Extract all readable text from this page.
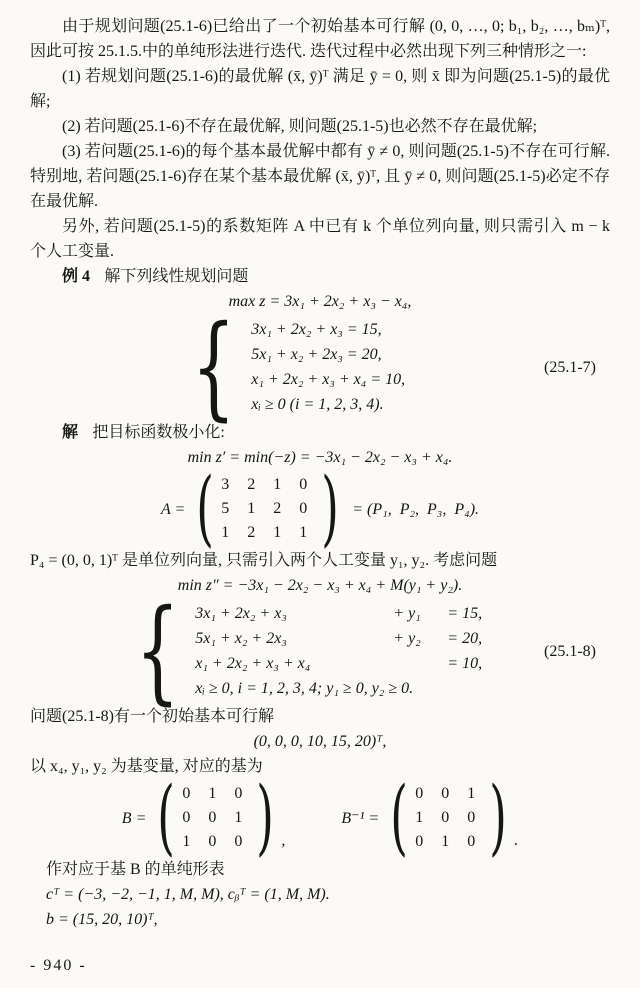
由于规划问题(25.1-6)已给出了一个初始基本可行解 (0, 0, …, 0; b₁, b₂, …, bₘ)ᵀ, 因此可按 25.1.5.中的单纯形法进行迭代. 迭代过程中必然出现下列三种情形之一:

(1) 若规划问题(25.1-6)的最优解 (x̄, ȳ)ᵀ 满足 ȳ = 0, 则 x̄ 即为问题(25.1-5)的最优解;

(2) 若问题(25.1-6)不存在最优解, 则问题(25.1-5)也必然不存在最优解;

(3) 若问题(25.1-6)的每个基本最优解中都有 ȳ ≠ 0, 则问题(25.1-5)不存在可行解. 特别地, 若问题(25.1-6)存在某个基本最优解 (x̄, ȳ)ᵀ, 且 ȳ ≠ 0, 则问题(25.1-5)必定不存在最优解.

另外, 若问题(25.1-5)的系数矩阵 A 中已有 k 个单位列向量, 则只需引入 m − k 个人工变量.

例 4 解下列线性规划问题

max z = 3x₁ + 2x₂ + x₃ − x₄,
{ 3x₁ + 2x₂ + x₃ = 15,
5x₁ + x₂ + 2x₃ = 20,
x₁ + 2x₂ + x₃ + x₄ = 10,
xᵢ ≥ 0 (i = 1, 2, 3, 4).
(25.1-7)

解 把目标函数极小化:

min z′ = min(−z) = −3x₁ − 2x₂ − x₃ + x₄.
A = ( 3 2 1 0
5 1 2 0
1 2 1 1 ) = (P₁,  P₂,  P₃,  P₄).

P₄ = (0, 0, 1)ᵀ 是单位列向量, 只需引入两个人工变量 y₁, y₂. 考虑问题

min z″ = −3x₁ − 2x₂ − x₃ + x₄ + M(y₁ + y₂).
{ 3x₁ + 2x₂ + x₃	+ y₁ = 15,
5x₁ + x₂ + 2x₃	+ y₂ = 20,
x₁ + 2x₂ + x₃ + x₄	= 10,
xᵢ ≥ 0, i = 1, 2, 3, 4; y₁ ≥ 0, y₂ ≥ 0.
(25.1-8)

问题(25.1-8)有一个初始基本可行解

(0, 0, 0, 10, 15, 20)ᵀ,

以 x₄, y₁, y₂ 为基变量, 对应的基为

B = ( 0 1 0
0 0 1
1 0 0 ) ,
B⁻¹ = ( 0 0 1
1 0 0
0 1 0 ) .

作对应于基 B 的单纯形表

cᵀ = (−3, −2, −1, 1, M, M), cᵦᵀ = (1, M, M).

b = (15, 20, 10)ᵀ,

- 940 -
